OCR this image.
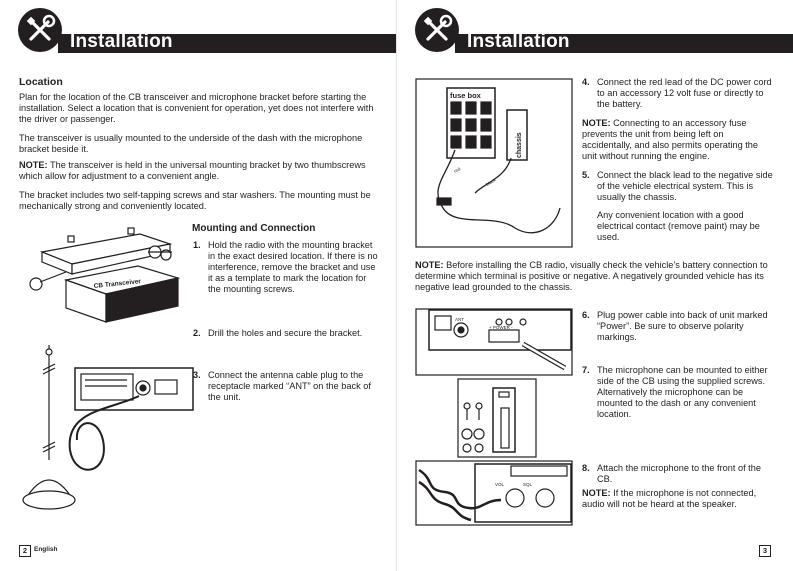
Installation
Location
Plan for the location of the CB transceiver and microphone bracket before starting the installation. Select a location that is convenient for operation, yet does not interfere with the driver or passenger.
The transceiver is usually mounted to the underside of the dash with the microphone bracket beside it.
NOTE: The transceiver is held in the universal mounting bracket by two thumbscrews which allow for adjustment to a convenient angle.
The bracket includes two self-tapping screws and star washers. The mounting must be mechanically strong and conveniently located.
CB Transceiver
Mounting and Connection
1. Hold the radio with the mounting bracket in the exact desired location. If there is no interference, remove the bracket and use it as a template to mark the location for the mounting screws.
2. Drill the holes and secure the bracket.
3. Connect the antenna cable plug to the receptacle marked “ANT” on the back of the unit.
2	English
Installation
fuse box
chassis
red
black
4. Connect the red lead of the DC power cord to an accessory 12 volt fuse or directly to the battery.
NOTE: Connecting to an accessory fuse prevents the unit from being left on accidentally, and also permits operating the unit without running the engine.
5. Connect the black lead to the negative side of the vehicle electrical system. This is usually the chassis.
Any convenient location with a good electrical contact (remove paint) may be used.
NOTE: Before installing the CB radio, visually check the vehicle’s battery connection to determine which terminal is positive or negative. A negatively grounded vehicle has its negative lead grounded to the chassis.
ANT
+ POWER -
6. Plug power cable into back of unit marked “Power”. Be sure to observe polarity markings.
7. The microphone can be mounted to either side of the CB using the supplied screws. Alternatively the microphone can be mounted to the dash or any convenient location.
VOL	SQL
8. Attach the microphone to the front of the CB.
NOTE: If the microphone is not connected, audio will not be heard at the speaker.
3
